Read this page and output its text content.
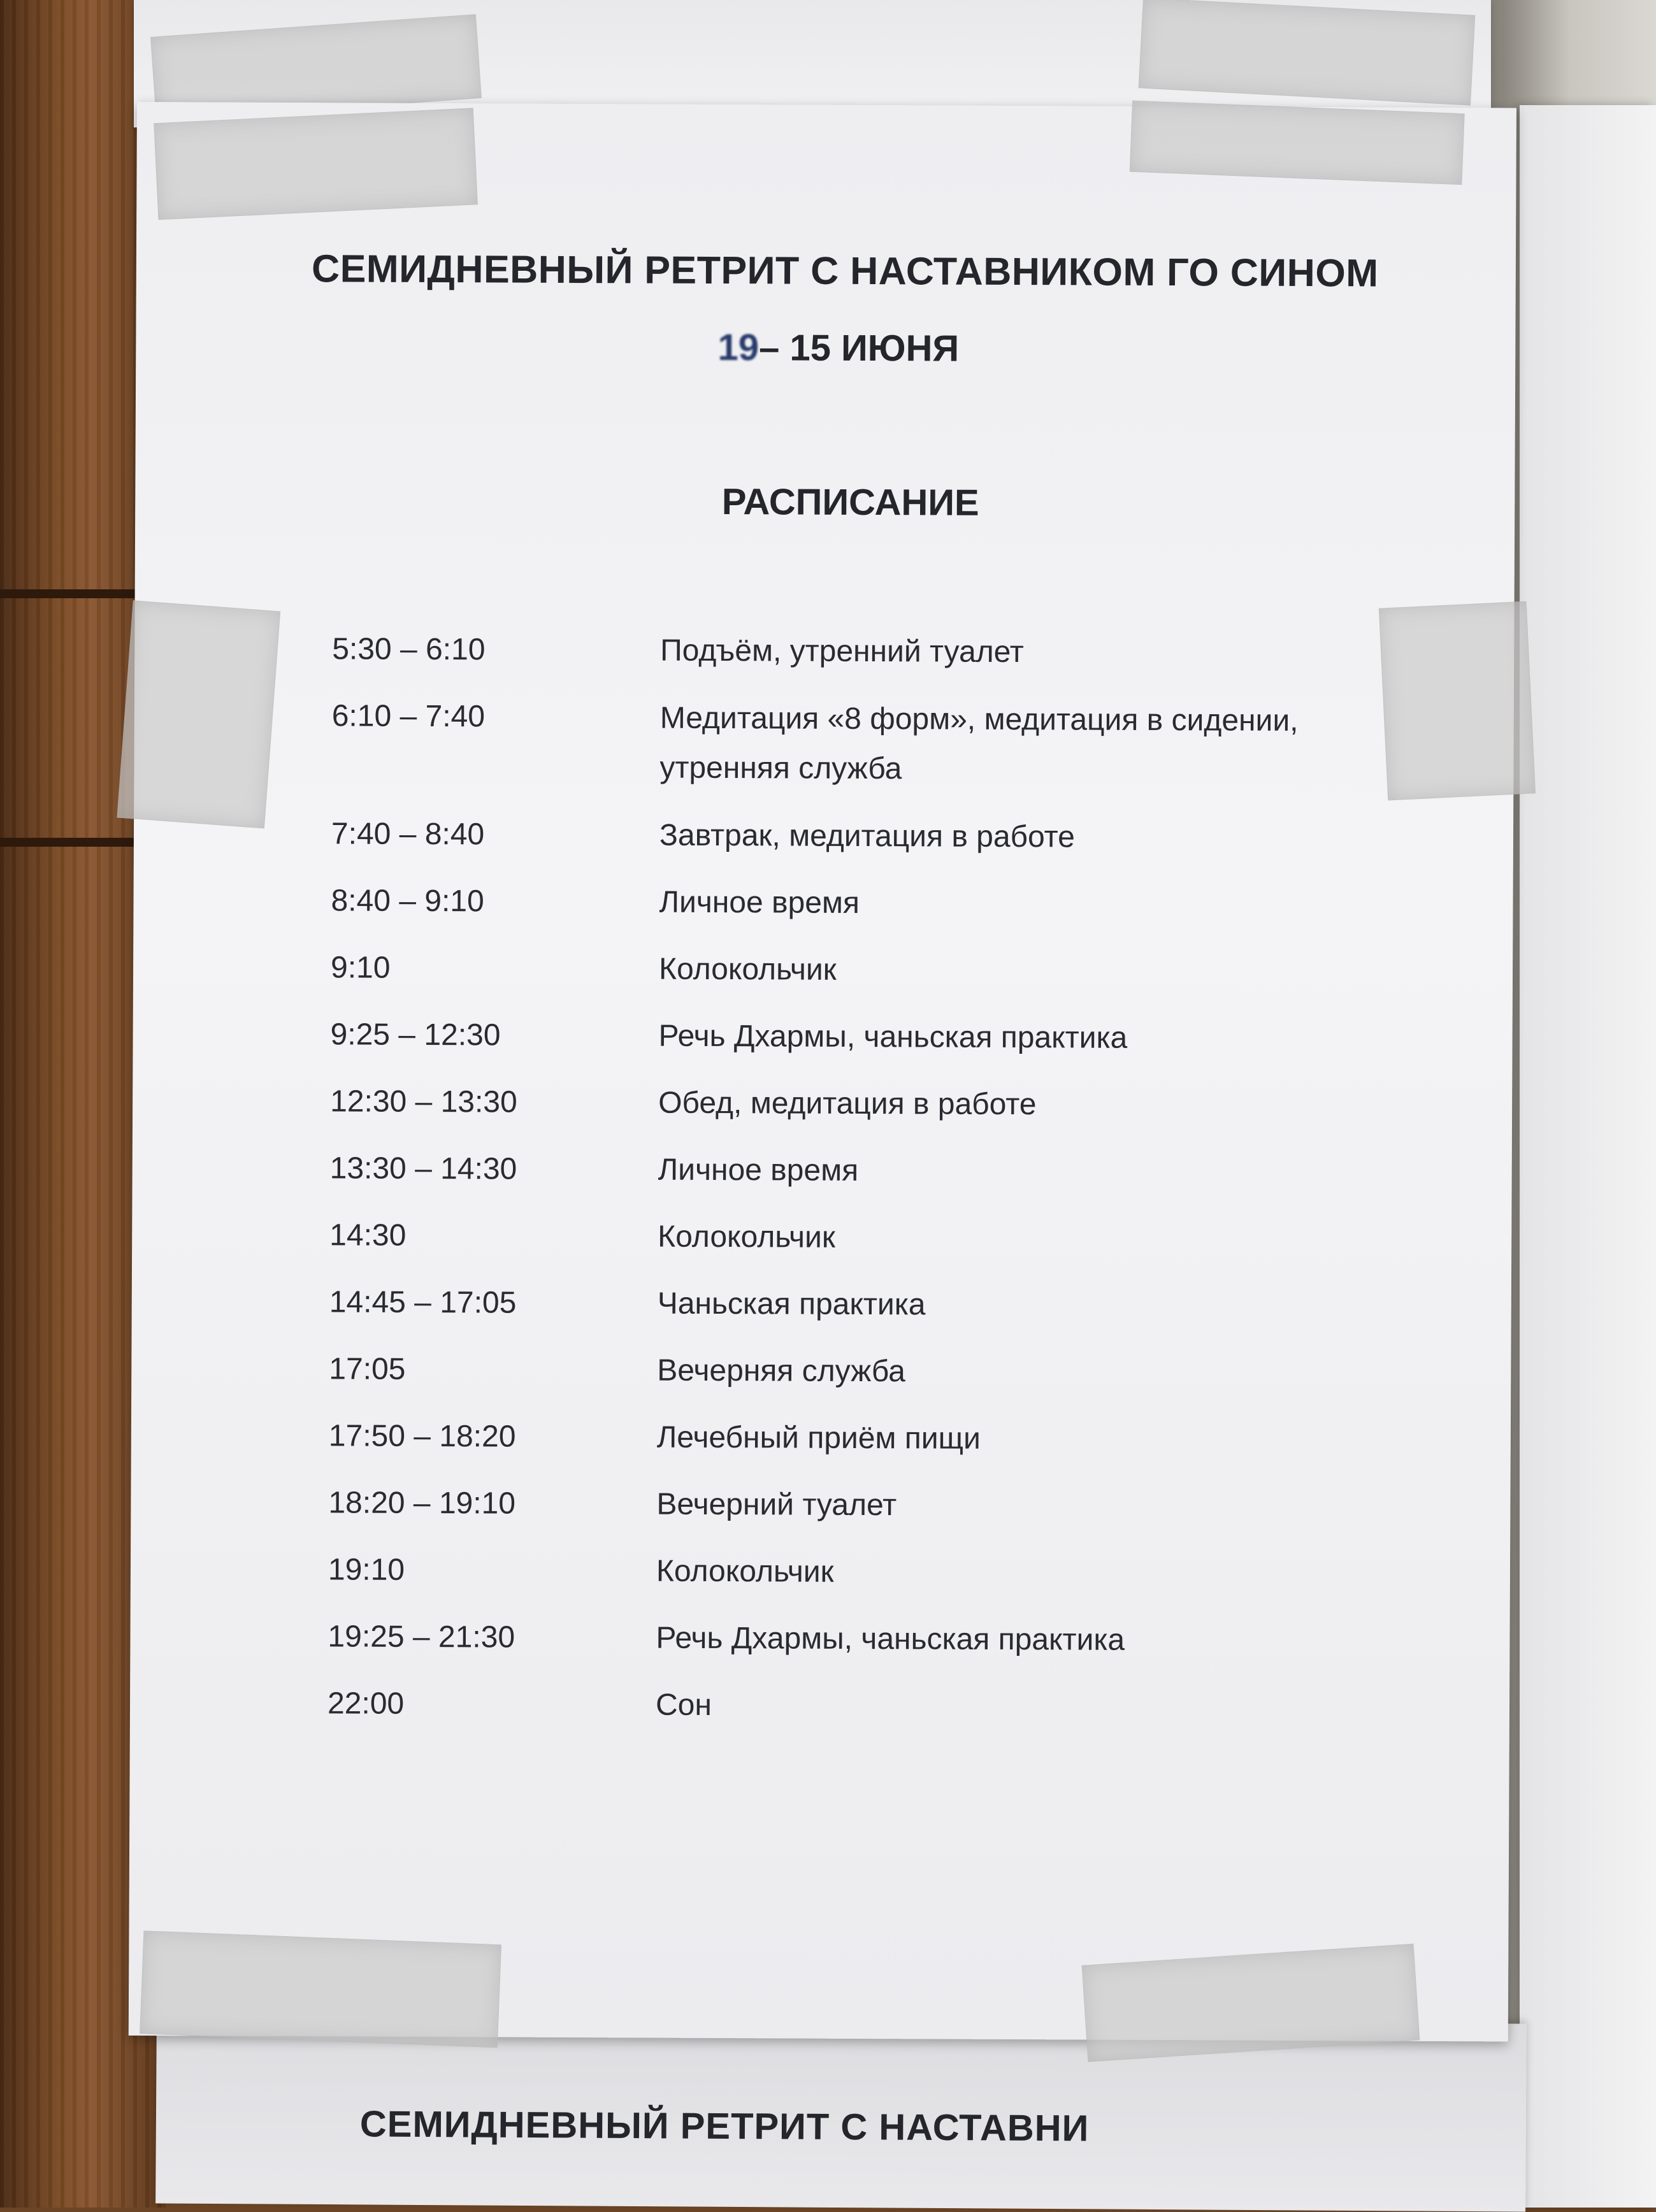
СЕМИДНЕВНЫЙ РЕТРИТ С НАСТАВНИ
СЕМИДНЕВНЫЙ РЕТРИТ С НАСТАВНИКОМ ГО СИНОМ
19– 15 ИЮНЯ
РАСПИСАНИЕ
5:30 – 6:10	Подъём, утренний туалет
6:10 – 7:40	Медитация «8 форм», медитация в сидении, утренняя служба
7:40 – 8:40	Завтрак, медитация в работе
8:40 – 9:10	Личное время
9:10	Колокольчик
9:25 – 12:30	Речь Дхармы, чаньская практика
12:30 – 13:30	Обед, медитация в работе
13:30 – 14:30	Личное время
14:30	Колокольчик
14:45 – 17:05	Чаньская практика
17:05	Вечерняя служба
17:50 – 18:20	Лечебный приём пищи
18:20 – 19:10	Вечерний туалет
19:10	Колокольчик
19:25 – 21:30	Речь Дхармы, чаньская практика
22:00	Сон
